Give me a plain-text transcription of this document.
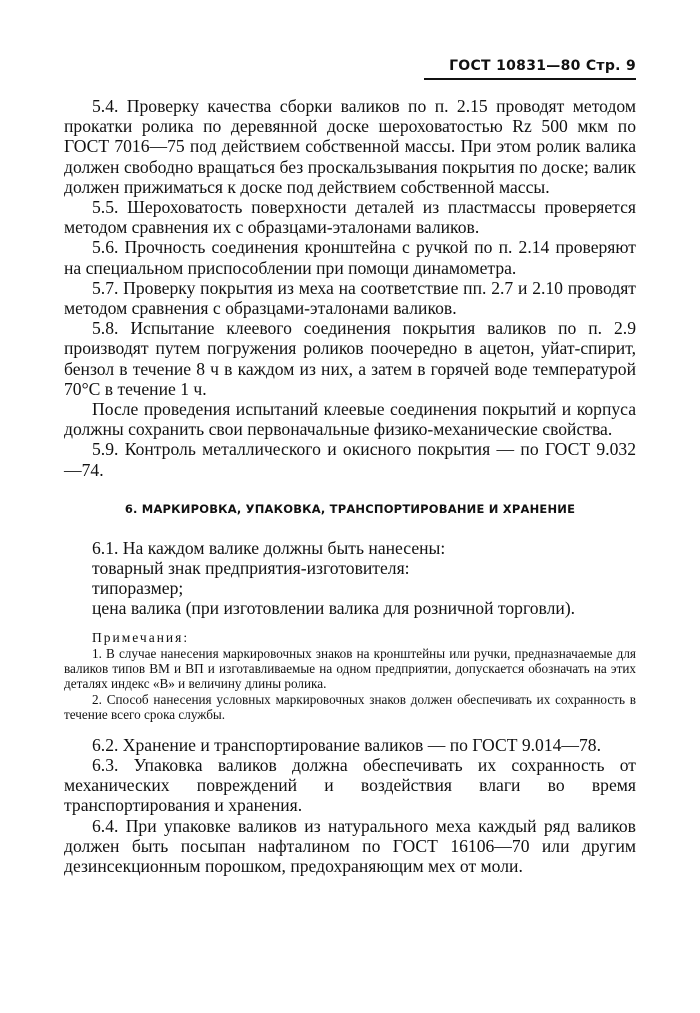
ГОСТ 10831—80 Стр. 9

5.4. Проверку качества сборки валиков по п. 2.15 проводят методом прокатки ролика по деревянной доске шероховатостью Rz 500 мкм по ГОСТ 7016—75 под действием собственной массы. При этом ролик валика должен свободно вращаться без проскальзывания покрытия по доске; валик должен прижиматься к доске под действием собственной массы.

5.5. Шероховатость поверхности деталей из пластмассы проверяется методом сравнения их с образцами-эталонами валиков.

5.6. Прочность соединения кронштейна с ручкой по п. 2.14 проверяют на специальном приспособлении при помощи динамометра.

5.7. Проверку покрытия из меха на соответствие пп. 2.7 и 2.10 проводят методом сравнения с образцами-эталонами валиков.

5.8. Испытание клеевого соединения покрытия валиков по п. 2.9 производят путем погружения роликов поочередно в ацетон, уйат-спирит, бензол в течение 8 ч в каждом из них, а затем в горячей воде температурой 70°С в течение 1 ч.

После проведения испытаний клеевые соединения покрытий и корпуса должны сохранить свои первоначальные физико-механические свойства.

5.9. Контроль металлического и окисного покрытия — по ГОСТ 9.032—74.

6. МАРКИРОВКА, УПАКОВКА, ТРАНСПОРТИРОВАНИЕ И ХРАНЕНИЕ

6.1. На каждом валике должны быть нанесены:

товарный знак предприятия-изготовителя:

типоразмер;

цена валика (при изготовлении валика для розничной торговли).

Примечания:

1. В случае нанесения маркировочных знаков на кронштейны или ручки, предназначаемые для валиков типов ВМ и ВП и изготавливаемые на одном предприятии, допускается обозначать на этих деталях индекс «В» и величину длины ролика.

2. Способ нанесения условных маркировочных знаков должен обеспечивать их сохранность в течение всего срока службы.

6.2. Хранение и транспортирование валиков — по ГОСТ 9.014—78.

6.3. Упаковка валиков должна обеспечивать их сохранность от механических повреждений и воздействия влаги во время транспортирования и хранения.

6.4. При упаковке валиков из натурального меха каждый ряд валиков должен быть посыпан нафталином по ГОСТ 16106—70 или другим дезинсекционным порошком, предохраняющим мех от моли.
